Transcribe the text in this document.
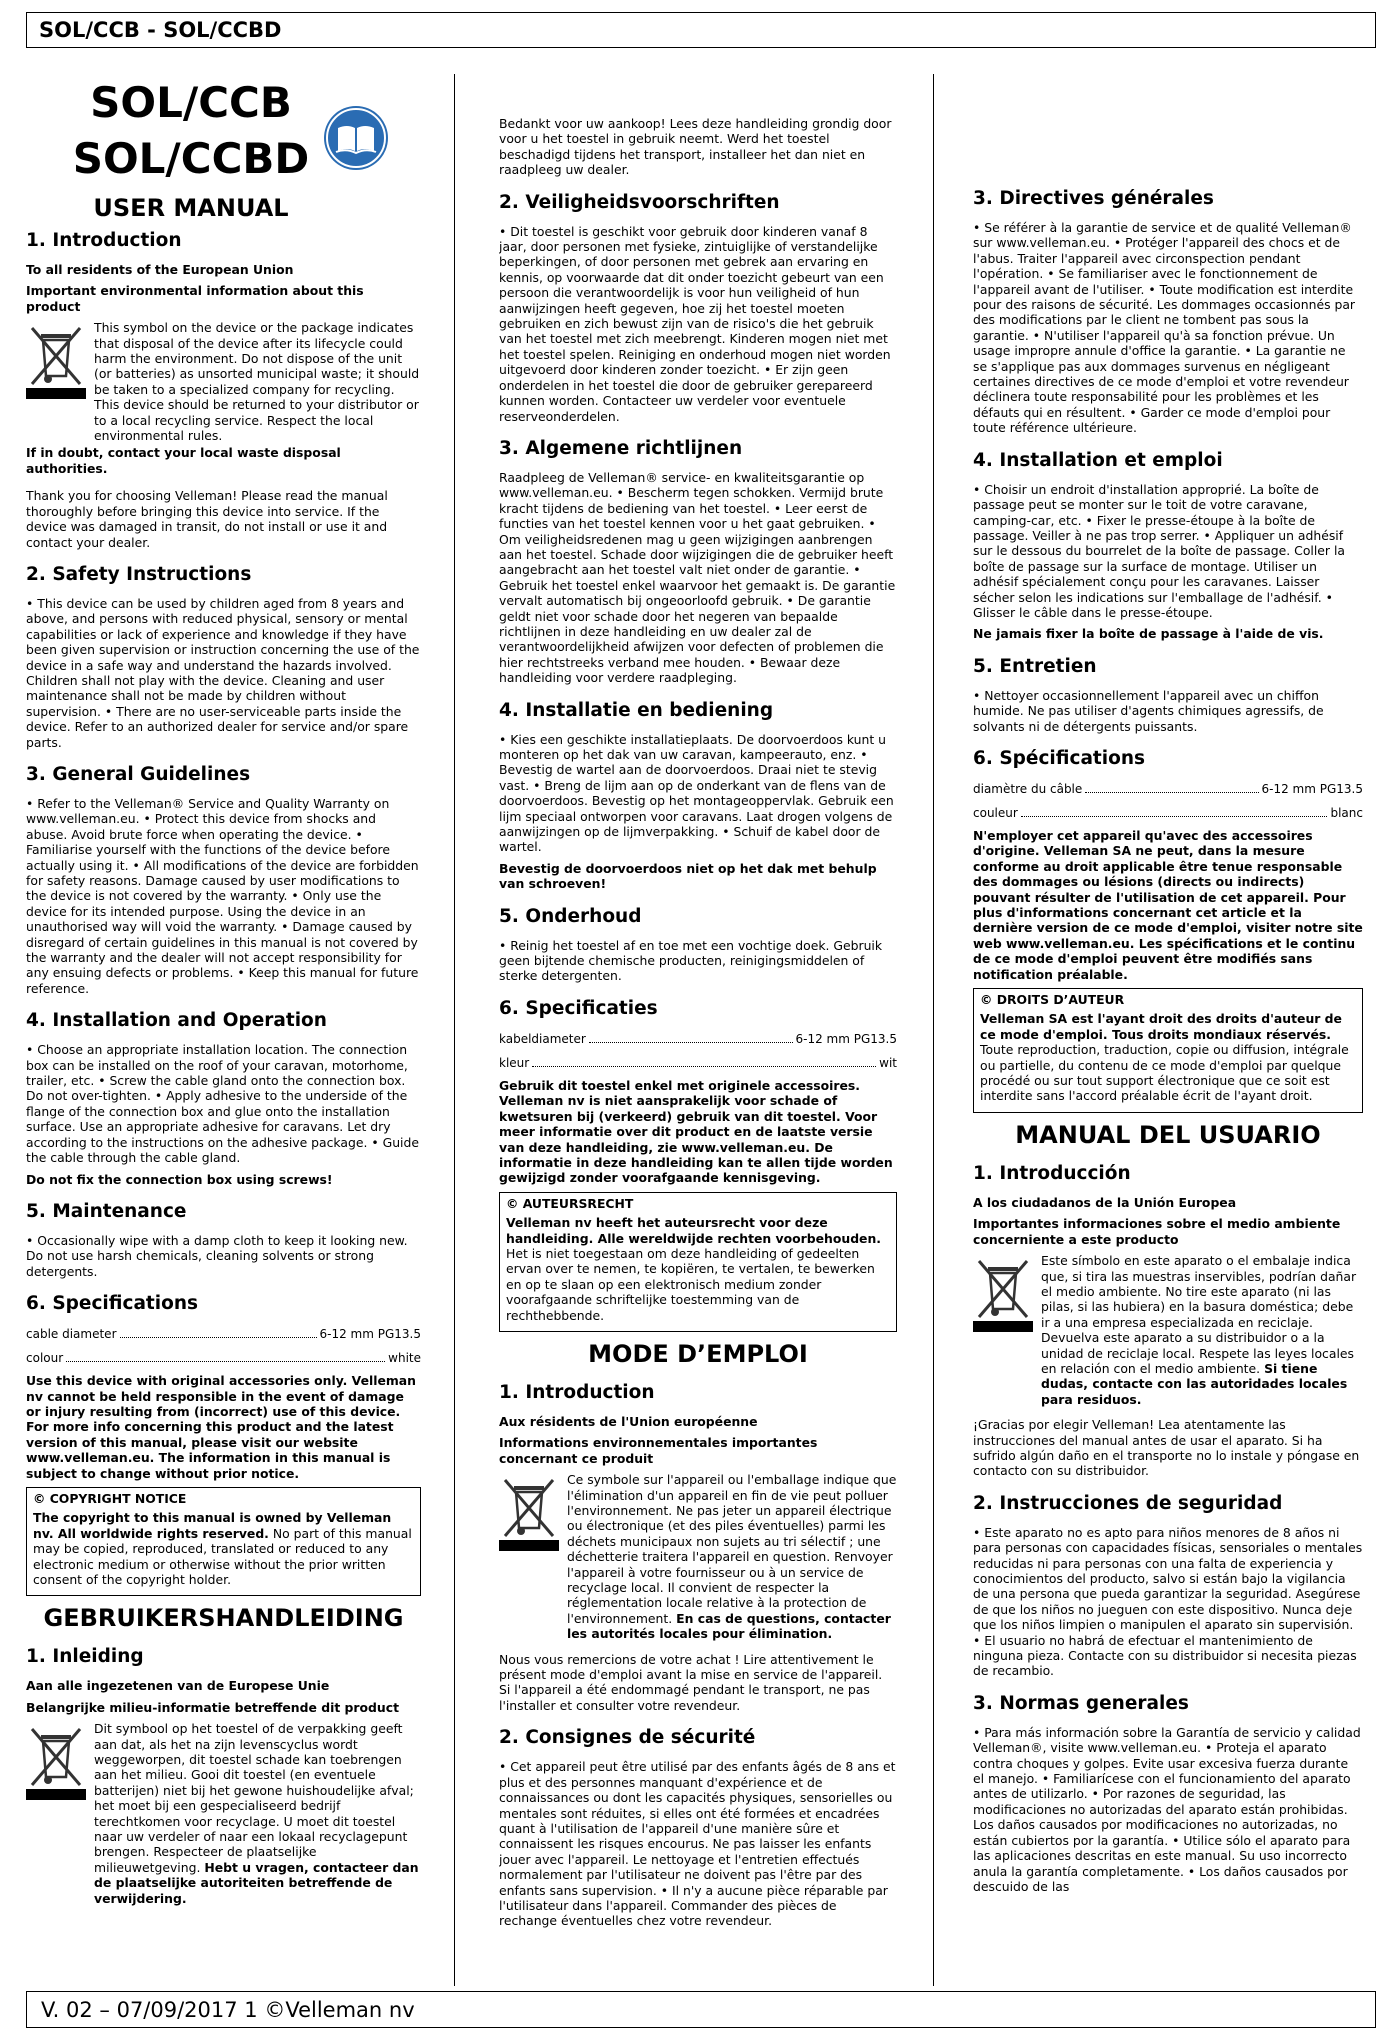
SOL/CCB - SOL/CCBD
SOL/CCB
SOL/CCBD
USER MANUAL
1. Introduction

To all residents of the European Union

Important environmental information about this product

This symbol on the device or the package indicates that disposal of the device after its lifecycle could harm the environment. Do not dispose of the unit (or batteries) as unsorted municipal waste; it should be taken to a specialized company for recycling. This device should be returned to your distributor or to a local recycling service. Respect the local environmental rules.

If in doubt, contact your local waste disposal authorities.

Thank you for choosing Velleman! Please read the manual thoroughly before bringing this device into service. If the device was damaged in transit, do not install or use it and contact your dealer.

2. Safety Instructions

• This device can be used by children aged from 8 years and above, and persons with reduced physical, sensory or mental capabilities or lack of experience and knowledge if they have been given supervision or instruction concerning the use of the device in a safe way and understand the hazards involved. Children shall not play with the device. Cleaning and user maintenance shall not be made by children without supervision. • There are no user-serviceable parts inside the device. Refer to an authorized dealer for service and/or spare parts.

3. General Guidelines

• Refer to the Velleman® Service and Quality Warranty on www.velleman.eu. • Protect this device from shocks and abuse. Avoid brute force when operating the device. • Familiarise yourself with the functions of the device before actually using it. • All modifications of the device are forbidden for safety reasons. Damage caused by user modifications to the device is not covered by the warranty. • Only use the device for its intended purpose. Using the device in an unauthorised way will void the warranty. • Damage caused by disregard of certain guidelines in this manual is not covered by the warranty and the dealer will not accept responsibility for any ensuing defects or problems. • Keep this manual for future reference.

4. Installation and Operation

• Choose an appropriate installation location. The connection box can be installed on the roof of your caravan, motorhome, trailer, etc. • Screw the cable gland onto the connection box. Do not over-tighten. • Apply adhesive to the underside of the flange of the connection box and glue onto the installation surface. Use an appropriate adhesive for caravans. Let dry according to the instructions on the adhesive package. • Guide the cable through the cable gland.

Do not fix the connection box using screws!

5. Maintenance

• Occasionally wipe with a damp cloth to keep it looking new. Do not use harsh chemicals, cleaning solvents or strong detergents.

6. Specifications
cable diameter	6-12 mm PG13.5
colour	white

Use this device with original accessories only. Velleman nv cannot be held responsible in the event of damage or injury resulting from (incorrect) use of this device. For more info concerning this product and the latest version of this manual, please visit our website www.velleman.eu. The information in this manual is subject to change without prior notice.

© COPYRIGHT NOTICE

The copyright to this manual is owned by Velleman nv. All worldwide rights reserved. No part of this manual may be copied, reproduced, translated or reduced to any electronic medium or otherwise without the prior written consent of the copyright holder.

GEBRUIKERSHANDLEIDING
1. Inleiding

Aan alle ingezetenen van de Europese Unie

Belangrijke milieu-informatie betreffende dit product

Dit symbool op het toestel of de verpakking geeft aan dat, als het na zijn levenscyclus wordt weggeworpen, dit toestel schade kan toebrengen aan het milieu. Gooi dit toestel (en eventuele batterijen) niet bij het gewone huishoudelijke afval; het moet bij een gespecialiseerd bedrijf terechtkomen voor recyclage. U moet dit toestel naar uw verdeler of naar een lokaal recyclagepunt brengen. Respecteer de plaatselijke milieuwetgeving. Hebt u vragen, contacteer dan de plaatselijke autoriteiten betreffende de verwijdering.

Bedankt voor uw aankoop! Lees deze handleiding grondig door voor u het toestel in gebruik neemt. Werd het toestel beschadigd tijdens het transport, installeer het dan niet en raadpleeg uw dealer.

2. Veiligheidsvoorschriften

• Dit toestel is geschikt voor gebruik door kinderen vanaf 8 jaar, door personen met fysieke, zintuiglijke of verstandelijke beperkingen, of door personen met gebrek aan ervaring en kennis, op voorwaarde dat dit onder toezicht gebeurt van een persoon die verantwoordelijk is voor hun veiligheid of hun aanwijzingen heeft gegeven, hoe zij het toestel moeten gebruiken en zich bewust zijn van de risico's die het gebruik van het toestel met zich meebrengt. Kinderen mogen niet met het toestel spelen. Reiniging en onderhoud mogen niet worden uitgevoerd door kinderen zonder toezicht. • Er zijn geen onderdelen in het toestel die door de gebruiker gerepareerd kunnen worden. Contacteer uw verdeler voor eventuele reserveonderdelen.

3. Algemene richtlijnen

Raadpleeg de Velleman® service- en kwaliteitsgarantie op www.velleman.eu. • Bescherm tegen schokken. Vermijd brute kracht tijdens de bediening van het toestel. • Leer eerst de functies van het toestel kennen voor u het gaat gebruiken. • Om veiligheidsredenen mag u geen wijzigingen aanbrengen aan het toestel. Schade door wijzigingen die de gebruiker heeft aangebracht aan het toestel valt niet onder de garantie. • Gebruik het toestel enkel waarvoor het gemaakt is. De garantie vervalt automatisch bij ongeoorloofd gebruik. • De garantie geldt niet voor schade door het negeren van bepaalde richtlijnen in deze handleiding en uw dealer zal de verantwoordelijkheid afwijzen voor defecten of problemen die hier rechtstreeks verband mee houden. • Bewaar deze handleiding voor verdere raadpleging.

4. Installatie en bediening

• Kies een geschikte installatieplaats. De doorvoerdoos kunt u monteren op het dak van uw caravan, kampeerauto, enz. • Bevestig de wartel aan de doorvoerdoos. Draai niet te stevig vast. • Breng de lijm aan op de onderkant van de flens van de doorvoerdoos. Bevestig op het montageoppervlak. Gebruik een lijm speciaal ontworpen voor caravans. Laat drogen volgens de aanwijzingen op de lijmverpakking. • Schuif de kabel door de wartel.

Bevestig de doorvoerdoos niet op het dak met behulp van schroeven!

5. Onderhoud

• Reinig het toestel af en toe met een vochtige doek. Gebruik geen bijtende chemische producten, reinigingsmiddelen of sterke detergenten.

6. Specificaties
kabeldiameter	6-12 mm PG13.5
kleur	wit

Gebruik dit toestel enkel met originele accessoires. Velleman nv is niet aansprakelijk voor schade of kwetsuren bij (verkeerd) gebruik van dit toestel. Voor meer informatie over dit product en de laatste versie van deze handleiding, zie www.velleman.eu. De informatie in deze handleiding kan te allen tijde worden gewijzigd zonder voorafgaande kennisgeving.

© AUTEURSRECHT

Velleman nv heeft het auteursrecht voor deze handleiding. Alle wereldwijde rechten voorbehouden. Het is niet toegestaan om deze handleiding of gedeelten ervan over te nemen, te kopiëren, te vertalen, te bewerken en op te slaan op een elektronisch medium zonder voorafgaande schriftelijke toestemming van de rechthebbende.

MODE D’EMPLOI
1. Introduction

Aux résidents de l'Union européenne

Informations environnementales importantes concernant ce produit

Ce symbole sur l'appareil ou l'emballage indique que l'élimination d'un appareil en fin de vie peut polluer l'environnement. Ne pas jeter un appareil électrique ou électronique (et des piles éventuelles) parmi les déchets municipaux non sujets au tri sélectif ; une déchetterie traitera l'appareil en question. Renvoyer l'appareil à votre fournisseur ou à un service de recyclage local. Il convient de respecter la réglementation locale relative à la protection de l'environnement. En cas de questions, contacter les autorités locales pour élimination.

Nous vous remercions de votre achat ! Lire attentivement le présent mode d'emploi avant la mise en service de l'appareil. Si l'appareil a été endommagé pendant le transport, ne pas l'installer et consulter votre revendeur.

2. Consignes de sécurité

• Cet appareil peut être utilisé par des enfants âgés de 8 ans et plus et des personnes manquant d'expérience et de connaissances ou dont les capacités physiques, sensorielles ou mentales sont réduites, si elles ont été formées et encadrées quant à l'utilisation de l'appareil d'une manière sûre et connaissent les risques encourus. Ne pas laisser les enfants jouer avec l'appareil. Le nettoyage et l'entretien effectués normalement par l'utilisateur ne doivent pas l'être par des enfants sans supervision. • Il n'y a aucune pièce réparable par l'utilisateur dans l'appareil. Commander des pièces de rechange éventuelles chez votre revendeur.

3. Directives générales

• Se référer à la garantie de service et de qualité Velleman® sur www.velleman.eu. • Protéger l'appareil des chocs et de l'abus. Traiter l'appareil avec circonspection pendant l'opération. • Se familiariser avec le fonctionnement de l'appareil avant de l'utiliser. • Toute modification est interdite pour des raisons de sécurité. Les dommages occasionnés par des modifications par le client ne tombent pas sous la garantie. • N'utiliser l'appareil qu'à sa fonction prévue. Un usage impropre annule d'office la garantie. • La garantie ne se s'applique pas aux dommages survenus en négligeant certaines directives de ce mode d'emploi et votre revendeur déclinera toute responsabilité pour les problèmes et les défauts qui en résultent. • Garder ce mode d'emploi pour toute référence ultérieure.

4. Installation et emploi

• Choisir un endroit d'installation approprié. La boîte de passage peut se monter sur le toit de votre caravane, camping-car, etc. • Fixer le presse-étoupe à la boîte de passage. Veiller à ne pas trop serrer. • Appliquer un adhésif sur le dessous du bourrelet de la boîte de passage. Coller la boîte de passage sur la surface de montage. Utiliser un adhésif spécialement conçu pour les caravanes. Laisser sécher selon les indications sur l'emballage de l'adhésif. • Glisser le câble dans le presse-étoupe.

Ne jamais fixer la boîte de passage à l'aide de vis.

5. Entretien

• Nettoyer occasionnellement l'appareil avec un chiffon humide. Ne pas utiliser d'agents chimiques agressifs, de solvants ni de détergents puissants.

6. Spécifications
diamètre du câble	6-12 mm PG13.5
couleur	blanc

N'employer cet appareil qu'avec des accessoires d'origine. Velleman SA ne peut, dans la mesure conforme au droit applicable être tenue responsable des dommages ou lésions (directs ou indirects) pouvant résulter de l'utilisation de cet appareil. Pour plus d'informations concernant cet article et la dernière version de ce mode d'emploi, visiter notre site web www.velleman.eu. Les spécifications et le continu de ce mode d'emploi peuvent être modifiés sans notification préalable.

© DROITS D’AUTEUR

Velleman SA est l'ayant droit des droits d'auteur de ce mode d'emploi. Tous droits mondiaux réservés. Toute reproduction, traduction, copie ou diffusion, intégrale ou partielle, du contenu de ce mode d'emploi par quelque procédé ou sur tout support électronique que ce soit est interdite sans l'accord préalable écrit de l'ayant droit.

MANUAL DEL USUARIO
1. Introducción

A los ciudadanos de la Unión Europea

Importantes informaciones sobre el medio ambiente concerniente a este producto

Este símbolo en este aparato o el embalaje indica que, si tira las muestras inservibles, podrían dañar el medio ambiente. No tire este aparato (ni las pilas, si las hubiera) en la basura doméstica; debe ir a una empresa especializada en reciclaje. Devuelva este aparato a su distribuidor o a la unidad de reciclaje local. Respete las leyes locales en relación con el medio ambiente. Si tiene dudas, contacte con las autoridades locales para residuos.

¡Gracias por elegir Velleman! Lea atentamente las instrucciones del manual antes de usar el aparato. Si ha sufrido algún daño en el transporte no lo instale y póngase en contacto con su distribuidor.

2. Instrucciones de seguridad

• Este aparato no es apto para niños menores de 8 años ni para personas con capacidades físicas, sensoriales o mentales reducidas ni para personas con una falta de experiencia y conocimientos del producto, salvo si están bajo la vigilancia de una persona que pueda garantizar la seguridad. Asegúrese de que los niños no jueguen con este dispositivo. Nunca deje que los niños limpien o manipulen el aparato sin supervisión. • El usuario no habrá de efectuar el mantenimiento de ninguna pieza. Contacte con su distribuidor si necesita piezas de recambio.

3. Normas generales

• Para más información sobre la Garantía de servicio y calidad Velleman®, visite www.velleman.eu. • Proteja el aparato contra choques y golpes. Evite usar excesiva fuerza durante el manejo. • Familiarícese con el funcionamiento del aparato antes de utilizarlo. • Por razones de seguridad, las modificaciones no autorizadas del aparato están prohibidas. Los daños causados por modificaciones no autorizadas, no están cubiertos por la garantía. • Utilice sólo el aparato para las aplicaciones descritas en este manual. Su uso incorrecto anula la garantía completamente. • Los daños causados por descuido de las

V. 02 – 07/09/2017 1 ©Velleman nv
